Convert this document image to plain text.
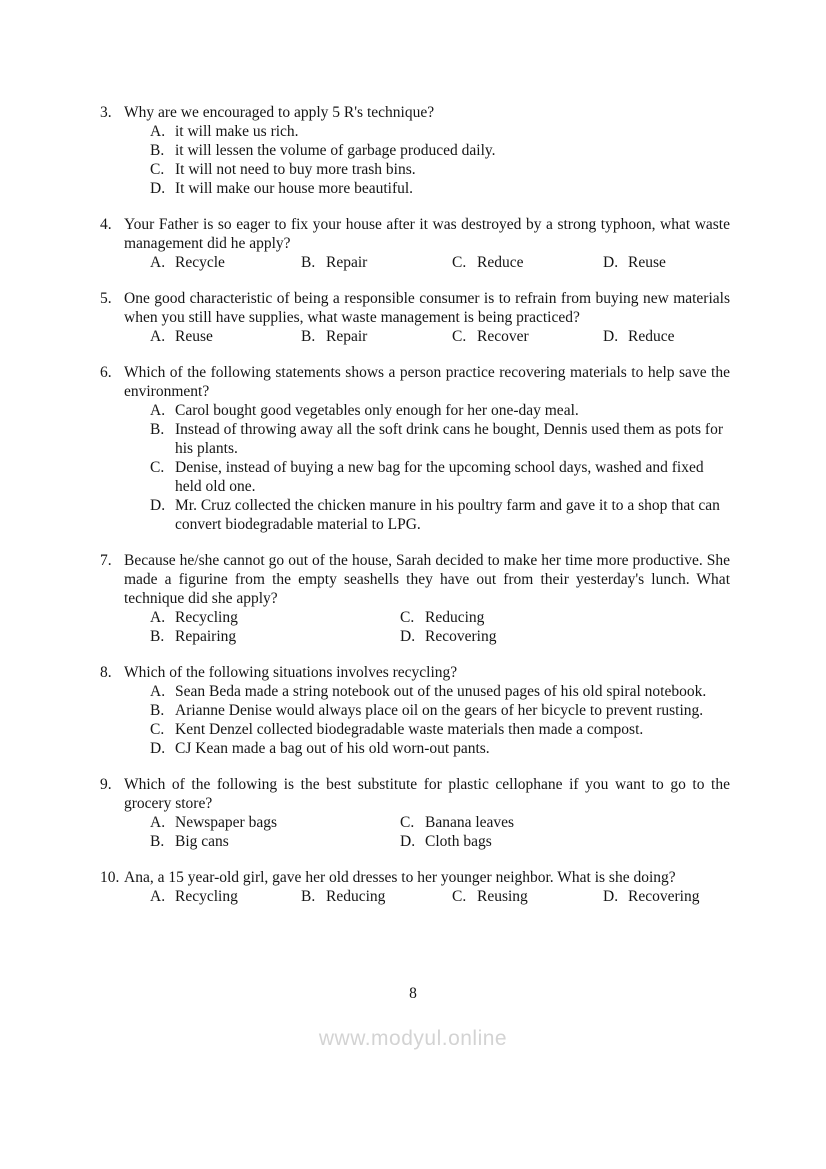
3. Why are we encouraged to apply 5 R's technique?
A. it will make us rich.
B. it will lessen the volume of garbage produced daily.
C. It will not need to buy more trash bins.
D. It will make our house more beautiful.
4. Your Father is so eager to fix your house after it was destroyed by a strong typhoon, what waste management did he apply?
A. Recycle	B. Repair	C. Reduce	D. Reuse
5. One good characteristic of being a responsible consumer is to refrain from buying new materials when you still have supplies, what waste management is being practiced?
A. Reuse	B. Repair	C. Recover	D. Reduce
6. Which of the following statements shows a person practice recovering materials to help save the environment?
A. Carol bought good vegetables only enough for her one-day meal.
B. Instead of throwing away all the soft drink cans he bought, Dennis used them as pots for his plants.
C. Denise, instead of buying a new bag for the upcoming school days, washed and fixed held old one.
D. Mr. Cruz collected the chicken manure in his poultry farm and gave it to a shop that can convert biodegradable material to LPG.
7. Because he/she cannot go out of the house, Sarah decided to make her time more productive. She made a figurine from the empty seashells they have out from their yesterday's lunch. What technique did she apply?
A. Recycling
B. Repairing
C. Reducing
D. Recovering
8. Which of the following situations involves recycling?
A. Sean Beda made a string notebook out of the unused pages of his old spiral notebook.
B. Arianne Denise would always place oil on the gears of her bicycle to prevent rusting.
C. Kent Denzel collected biodegradable waste materials then made a compost.
D. CJ Kean made a bag out of his old worn-out pants.
9. Which of the following is the best substitute for plastic cellophane if you want to go to the grocery store?
A. Newspaper bags
B. Big cans
C. Banana leaves
D. Cloth bags
10. Ana, a 15 year-old girl, gave her old dresses to her younger neighbor. What is she doing?
A. Recycling	B. Reducing	C. Reusing	D. Recovering
8
www.modyul.online
